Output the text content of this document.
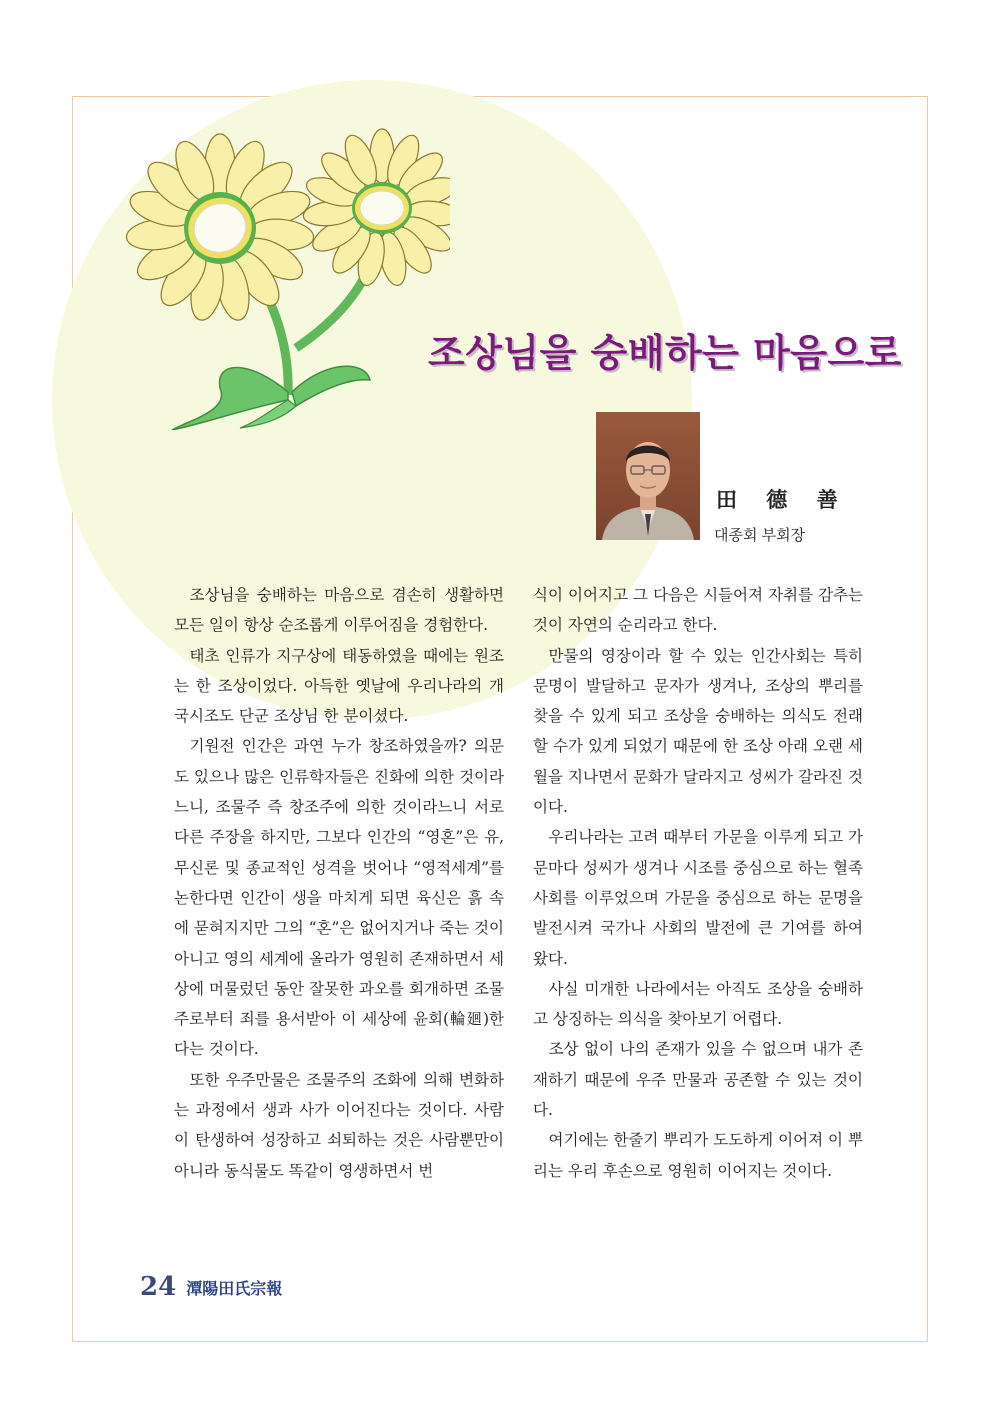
조상님을 숭배하는 마음으로
田 德 善
대종회 부회장

조상님을 숭배하는 마음으로 겸손히 생활하면 모든 일이 항상 순조롭게 이루어짐을 경험한다.

태초 인류가 지구상에 태동하였을 때에는 원조는 한 조상이었다. 아득한 옛날에 우리나라의 개국시조도 단군 조상님 한 분이셨다.

기원전 인간은 과연 누가 창조하였을까? 의문도 있으나 많은 인류학자들은 진화에 의한 것이라느니, 조물주 즉 창조주에 의한 것이라느니 서로 다른 주장을 하지만, 그보다 인간의 “영혼”은 유, 무신론 및 종교적인 성격을 벗어나 “영적세계”를 논한다면 인간이 생을 마치게 되면 육신은 흙 속에 묻혀지지만 그의 “혼”은 없어지거나 죽는 것이 아니고 영의 세계에 올라가 영원히 존재하면서 세상에 머물렀던 동안 잘못한 과오를 회개하면 조물주로부터 죄를 용서받아 이 세상에 윤회(輪廻)한다는 것이다.

또한 우주만물은 조물주의 조화에 의해 변화하는 과정에서 생과 사가 이어진다는 것이다. 사람이 탄생하여 성장하고 쇠퇴하는 것은 사람뿐만이 아니라 동식물도 똑같이 영생하면서 번

식이 이어지고 그 다음은 시들어져 자취를 감추는 것이 자연의 순리라고 한다.

만물의 영장이라 할 수 있는 인간사회는 특히 문명이 발달하고 문자가 생겨나, 조상의 뿌리를 찾을 수 있게 되고 조상을 숭배하는 의식도 전래할 수가 있게 되었기 때문에 한 조상 아래 오랜 세월을 지나면서 문화가 달라지고 성씨가 갈라진 것이다.

우리나라는 고려 때부터 가문을 이루게 되고 가문마다 성씨가 생겨나 시조를 중심으로 하는 혈족사회를 이루었으며 가문을 중심으로 하는 문명을 발전시켜 국가나 사회의 발전에 큰 기여를 하여 왔다.

사실 미개한 나라에서는 아직도 조상을 숭배하고 상징하는 의식을 찾아보기 어렵다.

조상 없이 나의 존재가 있을 수 없으며 내가 존재하기 때문에 우주 만물과 공존할 수 있는 것이다.

여기에는 한줄기 뿌리가 도도하게 이어져 이 뿌리는 우리 후손으로 영원히 이어지는 것이다.

24 潭陽田氏宗報
